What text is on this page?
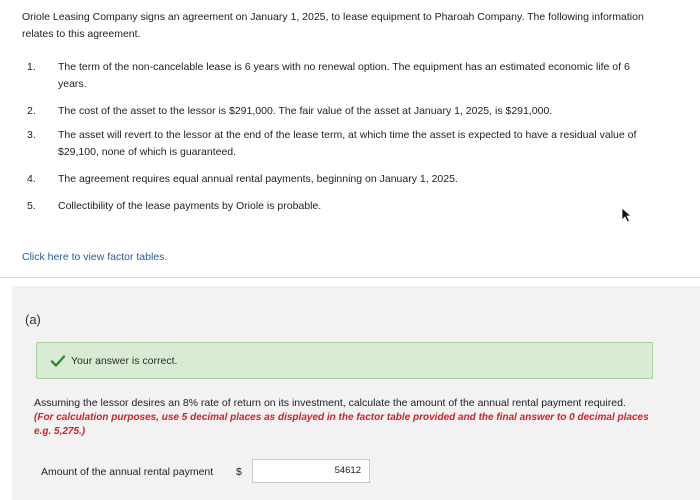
Oriole Leasing Company signs an agreement on January 1, 2025, to lease equipment to Pharoah Company. The following information relates to this agreement.
1.	The term of the non-cancelable lease is 6 years with no renewal option. The equipment has an estimated economic life of 6 years.
2.	The cost of the asset to the lessor is $291,000. The fair value of the asset at January 1, 2025, is $291,000.
3.	The asset will revert to the lessor at the end of the lease term, at which time the asset is expected to have a residual value of $29,100, none of which is guaranteed.
4.	The agreement requires equal annual rental payments, beginning on January 1, 2025.
5.	Collectibility of the lease payments by Oriole is probable.
Click here to view factor tables.
(a)
Your answer is correct.
Assuming the lessor desires an 8% rate of return on its investment, calculate the amount of the annual rental payment required.
(For calculation purposes, use 5 decimal places as displayed in the factor table provided and the final answer to 0 decimal places e.g. 5,275.)
Amount of the annual rental payment $	54612
